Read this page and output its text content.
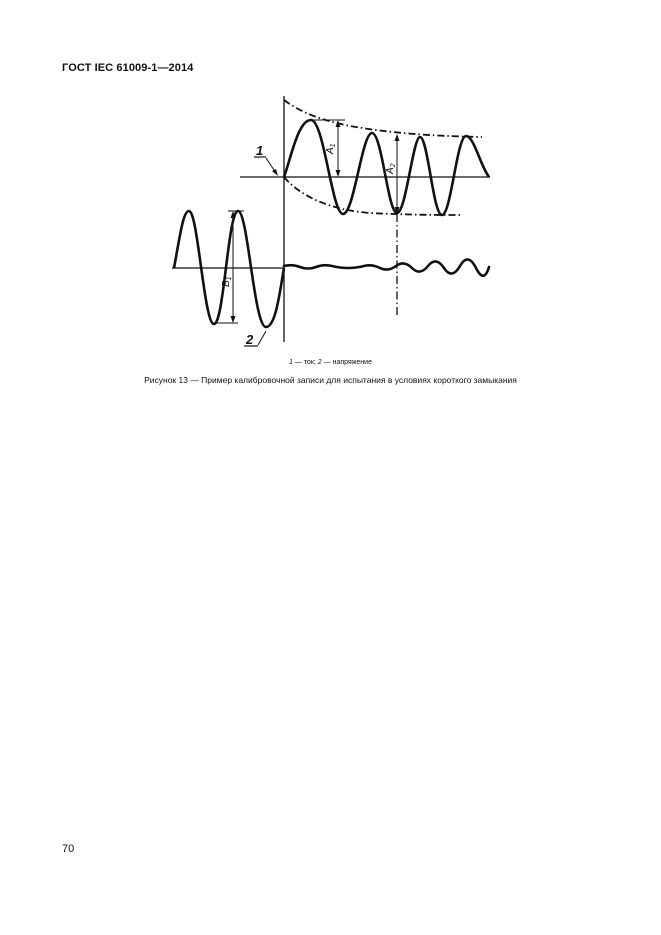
ГОСТ IEC 61009-1—2014
1
2
$A_1$
$A_2$
$B_1$
1 — ток; 2 — напряжение
Рисунок 13 — Пример калибровочной записи для испытания в условиях короткого замыкания
70
